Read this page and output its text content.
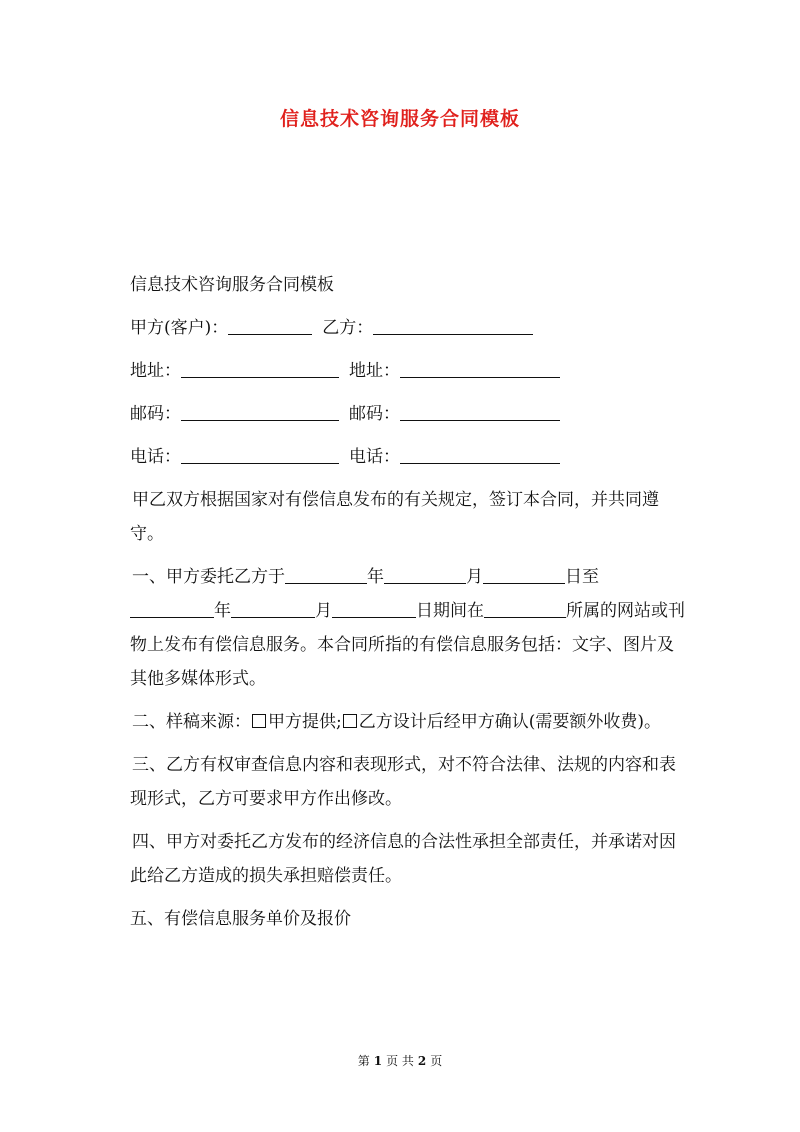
信息技术咨询服务合同模板
信息技术咨询服务合同模板
甲方(客户)：	乙方：
地址：	地址：
邮码：	邮码：
电话：	电话：

甲乙双方根据国家对有偿信息发布的有关规定，签订本合同，并共同遵守。

一、甲方委托乙方于	年	月	日至
年	月	日期间在	所属的网站或刊物上发布有偿信息服务。本合同所指的有偿信息服务包括：文字、图片及其他多媒体形式。

二、样稿来源： 甲方提供; 乙方设计后经甲方确认(需要额外收费)。

三、乙方有权审查信息内容和表现形式，对不符合法律、法规的内容和表现形式，乙方可要求甲方作出修改。

四、甲方对委托乙方发布的经济信息的合法性承担全部责任，并承诺对因此给乙方造成的损失承担赔偿责任。

五、有偿信息服务单价及报价
第 1 页 共 2 页
